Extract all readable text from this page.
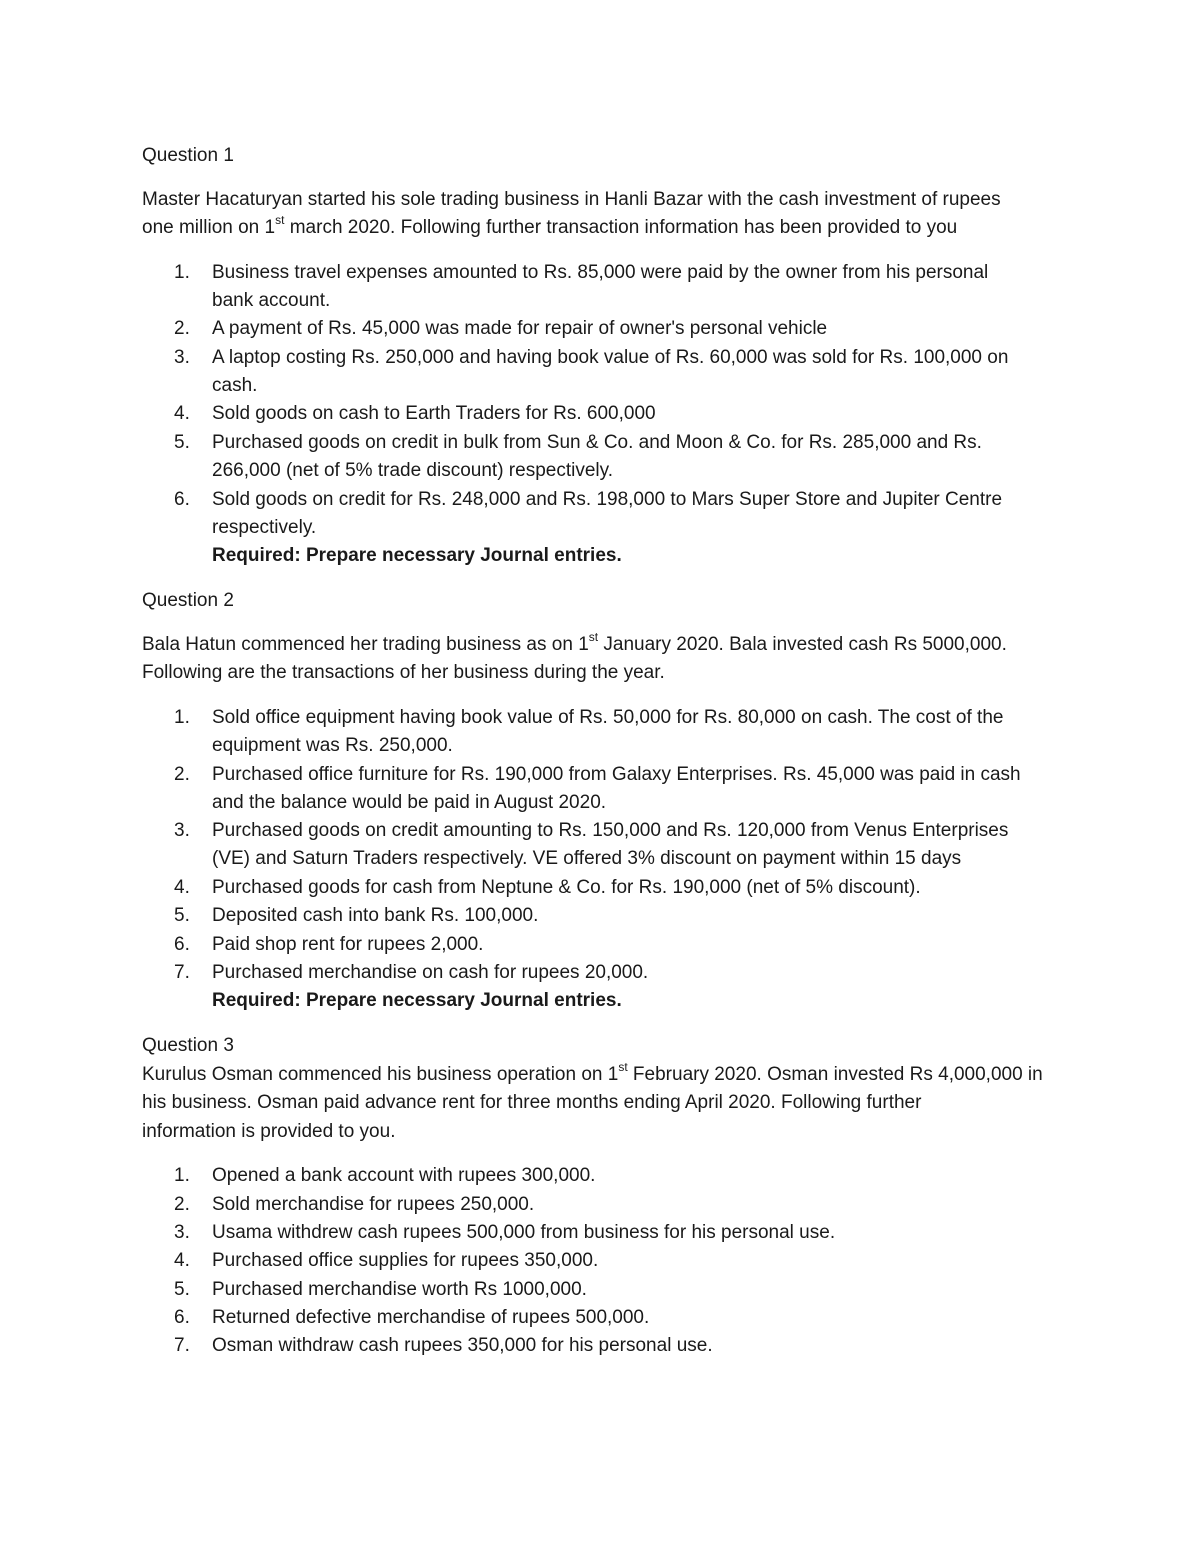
Question 1
Master Hacaturyan started his sole trading business in Hanli Bazar with the cash investment of rupees
one million on 1st march 2020. Following further transaction information has been provided to you
1. Business travel expenses amounted to Rs. 85,000 were paid by the owner from his personal
bank account.
2. A payment of Rs. 45,000 was made for repair of owner's personal vehicle
3. A laptop costing Rs. 250,000 and having book value of Rs. 60,000 was sold for Rs. 100,000 on
cash.
4. Sold goods on cash to Earth Traders for Rs. 600,000
5. Purchased goods on credit in bulk from Sun & Co. and Moon & Co. for Rs. 285,000 and Rs.
266,000 (net of 5% trade discount) respectively.
6. Sold goods on credit for Rs. 248,000 and Rs. 198,000 to Mars Super Store and Jupiter Centre
respectively.
Required: Prepare necessary Journal entries.
Question 2
Bala Hatun commenced her trading business as on 1st January 2020. Bala invested cash Rs 5000,000.
Following are the transactions of her business during the year.
1. Sold office equipment having book value of Rs. 50,000 for Rs. 80,000 on cash. The cost of the
equipment was Rs. 250,000.
2. Purchased office furniture for Rs. 190,000 from Galaxy Enterprises. Rs. 45,000 was paid in cash
and the balance would be paid in August 2020.
3. Purchased goods on credit amounting to Rs. 150,000 and Rs. 120,000 from Venus Enterprises
(VE) and Saturn Traders respectively. VE offered 3% discount on payment within 15 days
4. Purchased goods for cash from Neptune & Co. for Rs. 190,000 (net of 5% discount).
5. Deposited cash into bank Rs. 100,000.
6. Paid shop rent for rupees 2,000.
7. Purchased merchandise on cash for rupees 20,000.
Required: Prepare necessary Journal entries.
Question 3
Kurulus Osman commenced his business operation on 1st February 2020. Osman invested Rs 4,000,000 in
his business. Osman paid advance rent for three months ending April 2020. Following further
information is provided to you.
1. Opened a bank account with rupees 300,000.
2. Sold merchandise for rupees 250,000.
3. Usama withdrew cash rupees 500,000 from business for his personal use.
4. Purchased office supplies for rupees 350,000.
5. Purchased merchandise worth Rs 1000,000.
6. Returned defective merchandise of rupees 500,000.
7. Osman withdraw cash rupees 350,000 for his personal use.
